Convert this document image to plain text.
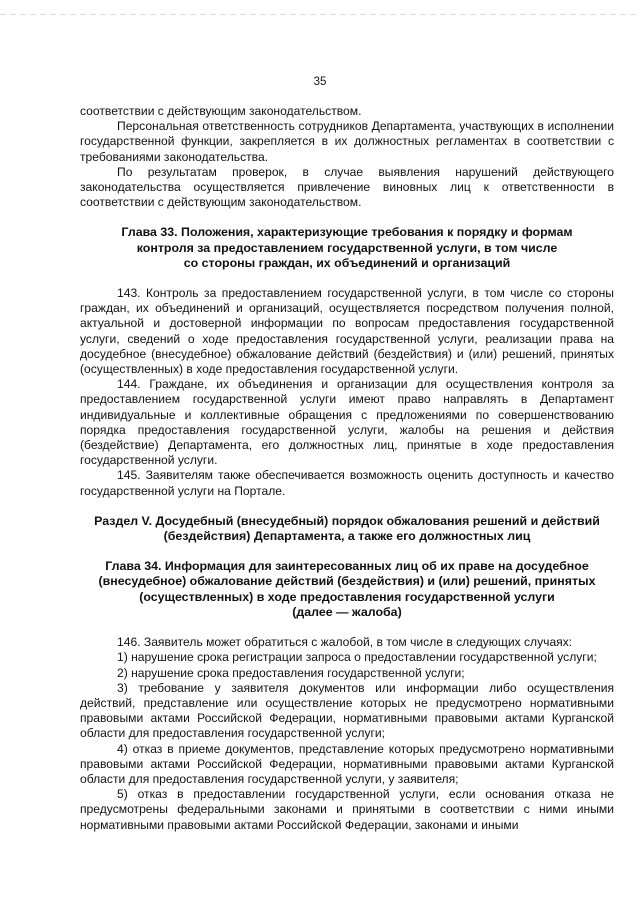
35

соответствии с действующим законодательством.

Персональная ответственность сотрудников Департамента, участвующих в исполнении государственной функции, закрепляется в их должностных регламентах в соответствии с требованиями законодательства.

По результатам проверок, в случае выявления нарушений действующего законодательства осуществляется привлечение виновных лиц к ответственности в соответствии с действующим законодательством.

Глава 33. Положения, характеризующие требования к порядку и формам
контроля за предоставлением государственной услуги, в том числе
со стороны граждан, их объединений и организаций

143. Контроль за предоставлением государственной услуги, в том числе со стороны граждан, их объединений и организаций, осуществляется посредством получения полной, актуальной и достоверной информации по вопросам предоставления государственной услуги, сведений о ходе предоставления государственной услуги, реализации права на досудебное (внесудебное) обжалование действий (бездействия) и (или) решений, принятых (осуществленных) в ходе предоставления государственной услуги.

144. Граждане, их объединения и организации для осуществления контроля за предоставлением государственной услуги имеют право направлять в Департамент индивидуальные и коллективные обращения с предложениями по совершенствованию порядка предоставления государственной услуги, жалобы на решения и действия (бездействие) Департамента, его должностных лиц, принятые в ходе предоставления государственной услуги.

145. Заявителям также обеспечивается возможность оценить доступность и качество государственной услуги на Портале.

Раздел V. Досудебный (внесудебный) порядок обжалования решений и действий
(бездействия) Департамента, а также его должностных лиц
Глава 34. Информация для заинтересованных лиц об их праве на досудебное
(внесудебное) обжалование действий (бездействия) и (или) решений, принятых
(осуществленных) в ходе предоставления государственной услуги
(далее — жалоба)

146. Заявитель может обратиться с жалобой, в том числе в следующих случаях:

1) нарушение срока регистрации запроса о предоставлении государственной услуги;

2) нарушение срока предоставления государственной услуги;

3) требование у заявителя документов или информации либо осуществления действий, представление или осуществление которых не предусмотрено нормативными правовыми актами Российской Федерации, нормативными правовыми актами Курганской области для предоставления государственной услуги;

4) отказ в приеме документов, представление которых предусмотрено нормативными правовыми актами Российской Федерации, нормативными правовыми актами Курганской области для предоставления государственной услуги, у заявителя;

5) отказ в предоставлении государственной услуги, если основания отказа не предусмотрены федеральными законами и принятыми в соответствии с ними иными нормативными правовыми актами Российской Федерации, законами и иными
